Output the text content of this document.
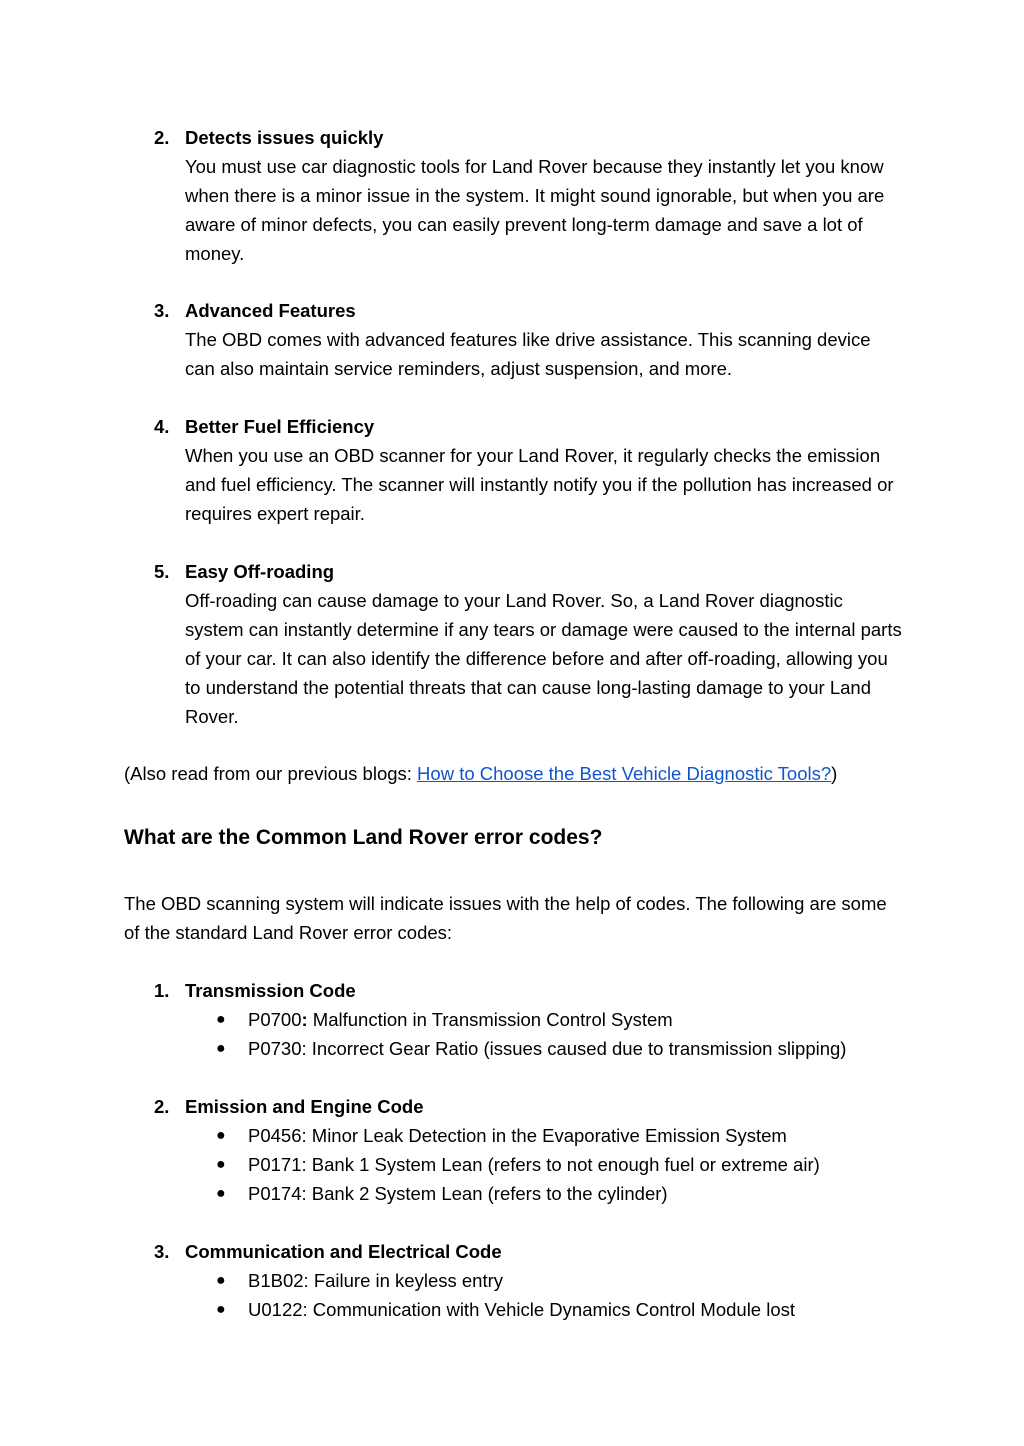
2. Detects issues quickly
You must use car diagnostic tools for Land Rover because they instantly let you know when there is a minor issue in the system. It might sound ignorable, but when you are aware of minor defects, you can easily prevent long-term damage and save a lot of money.
3. Advanced Features
The OBD comes with advanced features like drive assistance. This scanning device can also maintain service reminders, adjust suspension, and more.
4. Better Fuel Efficiency
When you use an OBD scanner for your Land Rover, it regularly checks the emission and fuel efficiency. The scanner will instantly notify you if the pollution has increased or requires expert repair.
5. Easy Off-roading
Off-roading can cause damage to your Land Rover. So, a Land Rover diagnostic system can instantly determine if any tears or damage were caused to the internal parts of your car. It can also identify the difference before and after off-roading, allowing you to understand the potential threats that can cause long-lasting damage to your Land Rover.
(Also read from our previous blogs: How to Choose the Best Vehicle Diagnostic Tools?)
What are the Common Land Rover error codes?
The OBD scanning system will indicate issues with the help of codes. The following are some of the standard Land Rover error codes:
1. Transmission Code
● P0700: Malfunction in Transmission Control System
● P0730: Incorrect Gear Ratio (issues caused due to transmission slipping)
2. Emission and Engine Code
● P0456: Minor Leak Detection in the Evaporative Emission System
● P0171: Bank 1 System Lean (refers to not enough fuel or extreme air)
● P0174: Bank 2 System Lean (refers to the cylinder)
3. Communication and Electrical Code
● B1B02: Failure in keyless entry
● U0122: Communication with Vehicle Dynamics Control Module lost
